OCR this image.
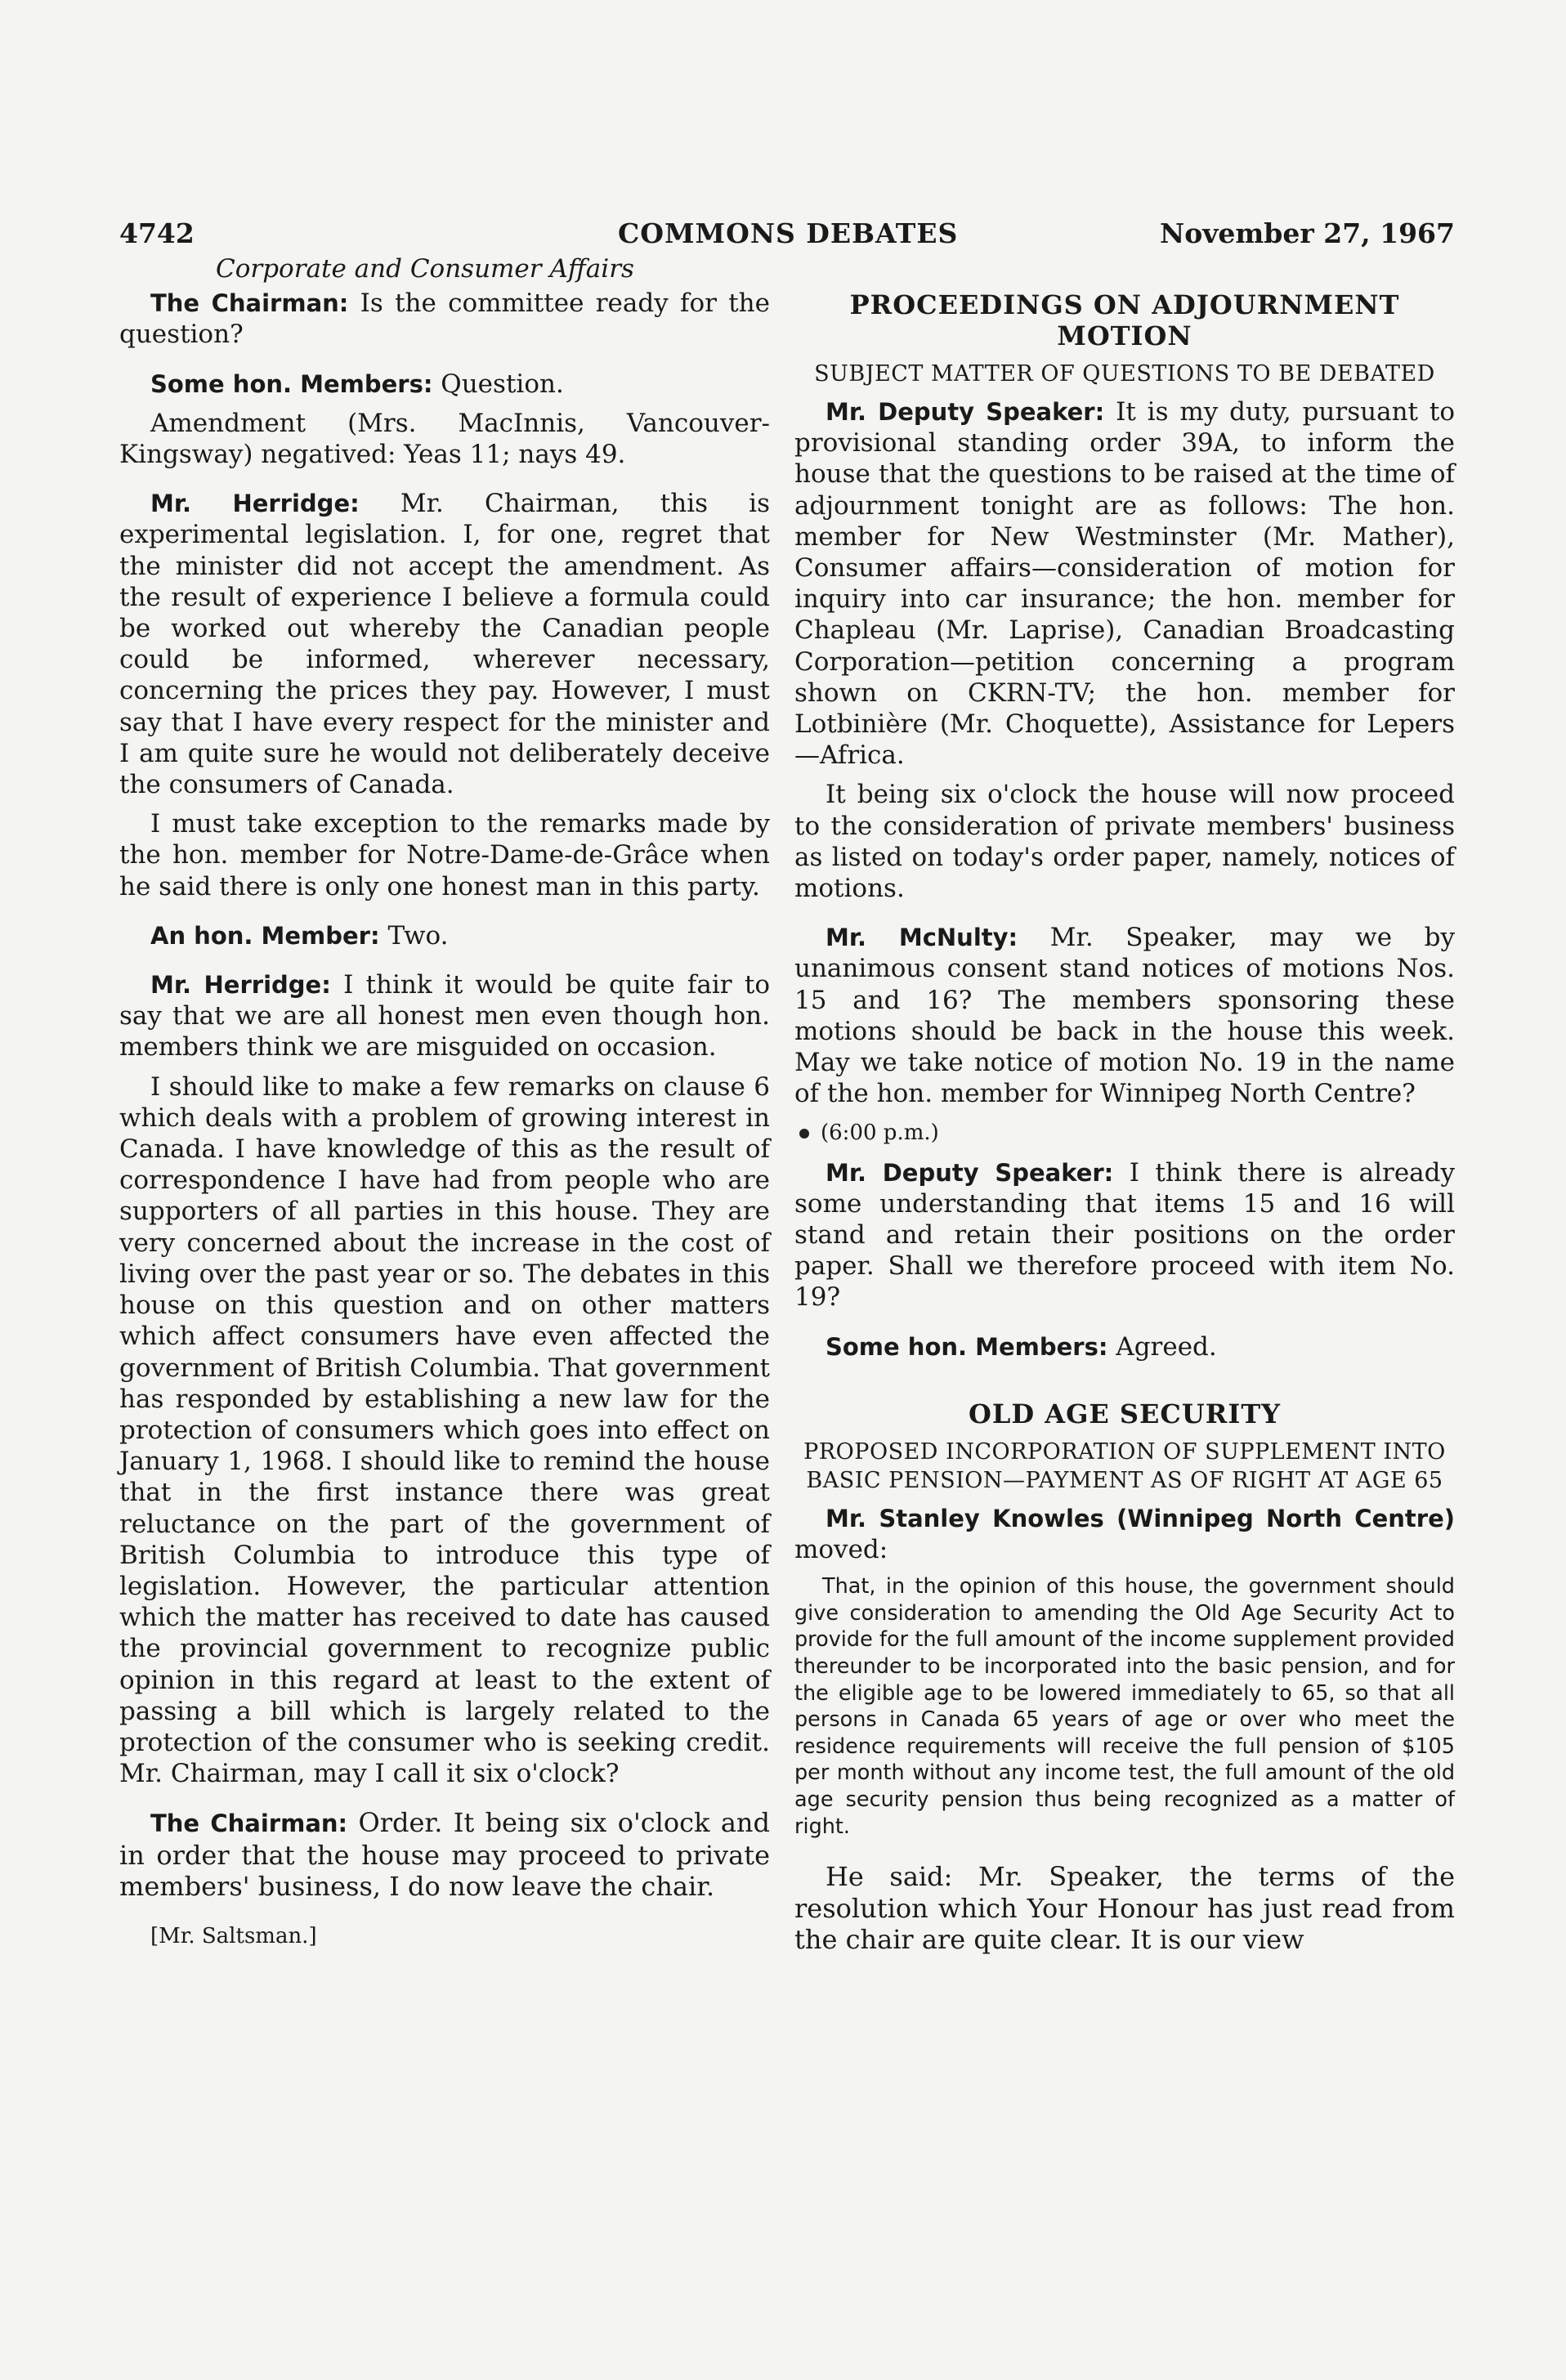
4742	COMMONS DEBATES	November 27, 1967

Corporate and Consumer Affairs

The Chairman: Is the committee ready for the question?

Some hon. Members: Question.

Amendment (Mrs. MacInnis, Vancouver-Kingsway) negatived: Yeas 11; nays 49.

Mr. Herridge: Mr. Chairman, this is experimental legislation. I, for one, regret that the minister did not accept the amendment. As the result of experience I believe a formula could be worked out whereby the Canadian people could be informed, wherever necessary, concerning the prices they pay. However, I must say that I have every respect for the minister and I am quite sure he would not deliberately deceive the consumers of Canada.

I must take exception to the remarks made by the hon. member for Notre-Dame-de-Grâce when he said there is only one honest man in this party.

An hon. Member: Two.

Mr. Herridge: I think it would be quite fair to say that we are all honest men even though hon. members think we are misguided on occasion.

I should like to make a few remarks on clause 6 which deals with a problem of growing interest in Canada. I have knowledge of this as the result of correspondence I have had from people who are supporters of all parties in this house. They are very concerned about the increase in the cost of living over the past year or so. The debates in this house on this question and on other matters which affect consumers have even affected the government of British Columbia. That government has responded by establishing a new law for the protection of consumers which goes into effect on January 1, 1968. I should like to remind the house that in the first instance there was great reluctance on the part of the government of British Columbia to introduce this type of legislation. However, the particular attention which the matter has received to date has caused the provincial government to recognize public opinion in this regard at least to the extent of passing a bill which is largely related to the protection of the consumer who is seeking credit. Mr. Chairman, may I call it six o'clock?

The Chairman: Order. It being six o'clock and in order that the house may proceed to private members' business, I do now leave the chair.

[Mr. Saltsman.]

PROCEEDINGS ON ADJOURNMENT MOTION

SUBJECT MATTER OF QUESTIONS TO BE DEBATED

Mr. Deputy Speaker: It is my duty, pursuant to provisional standing order 39A, to inform the house that the questions to be raised at the time of adjournment tonight are as follows: The hon. member for New Westminster (Mr. Mather), Consumer affairs—consideration of motion for inquiry into car insurance; the hon. member for Chapleau (Mr. Laprise), Canadian Broadcasting Corporation—petition concerning a program shown on CKRN-TV; the hon. member for Lotbinière (Mr. Choquette), Assistance for Lepers—Africa.

It being six o'clock the house will now proceed to the consideration of private members' business as listed on today's order paper, namely, notices of motions.

Mr. McNulty: Mr. Speaker, may we by unanimous consent stand notices of motions Nos. 15 and 16? The members sponsoring these motions should be back in the house this week. May we take notice of motion No. 19 in the name of the hon. member for Winnipeg North Centre?

(6:00 p.m.)

Mr. Deputy Speaker: I think there is already some understanding that items 15 and 16 will stand and retain their positions on the order paper. Shall we therefore proceed with item No. 19?

Some hon. Members: Agreed.

OLD AGE SECURITY

PROPOSED INCORPORATION OF SUPPLEMENT INTO BASIC PENSION—PAYMENT AS OF RIGHT AT AGE 65

Mr. Stanley Knowles (Winnipeg North Centre) moved:

That, in the opinion of this house, the government should give consideration to amending the Old Age Security Act to provide for the full amount of the income supplement provided thereunder to be incorporated into the basic pension, and for the eligible age to be lowered immediately to 65, so that all persons in Canada 65 years of age or over who meet the residence requirements will receive the full pension of $105 per month without any income test, the full amount of the old age security pension thus being recognized as a matter of right.

He said: Mr. Speaker, the terms of the resolution which Your Honour has just read from the chair are quite clear. It is our view
